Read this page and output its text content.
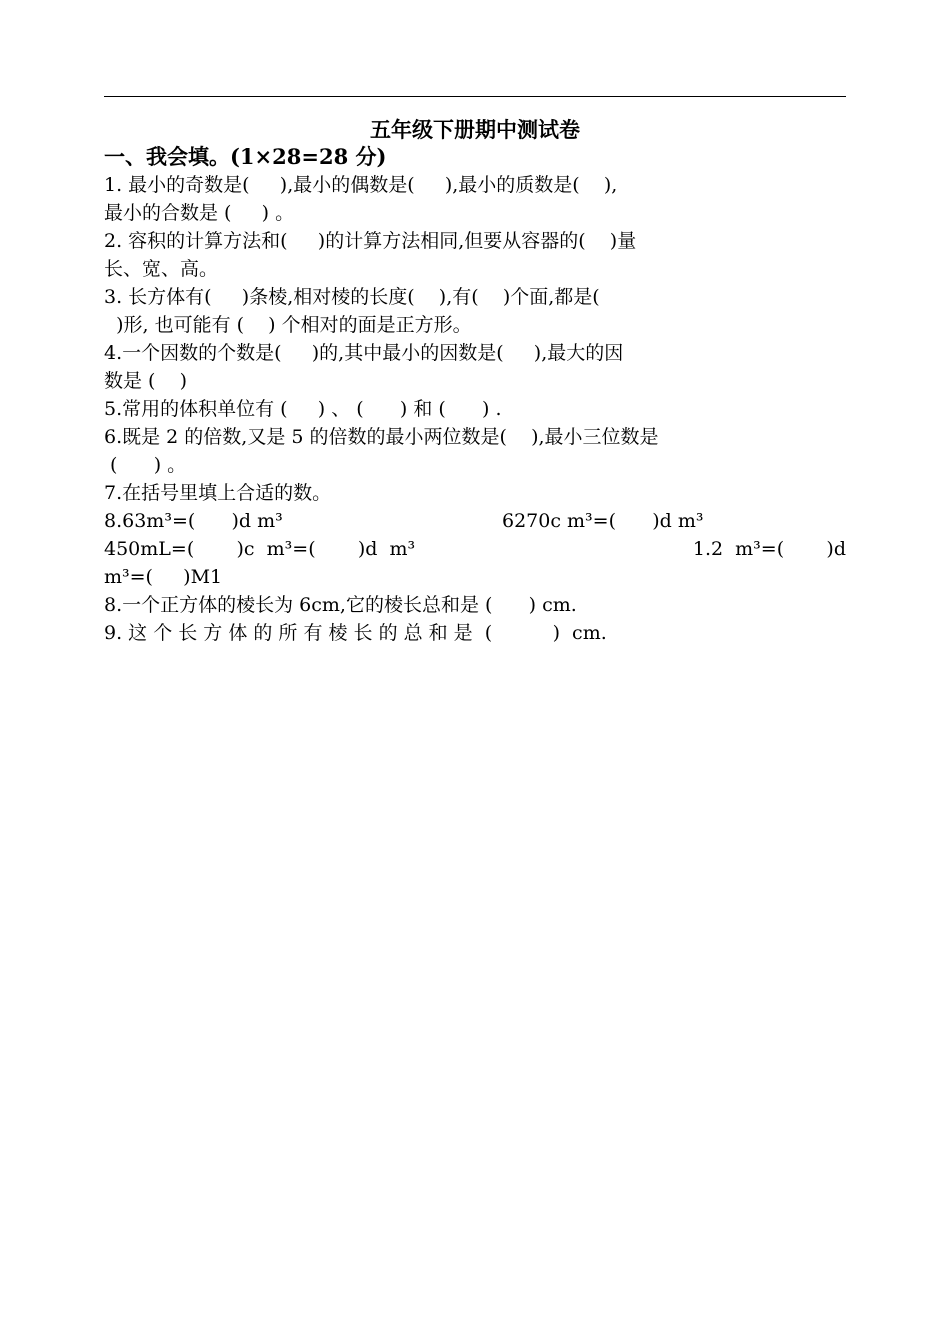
五年级下册期中测试卷
一、我会填。(1×28=28 分)
1. 最小的奇数是(     ),最小的偶数是(     ),最小的质数是(    ),
最小的合数是 (     ) 。
2. 容积的计算方法和(     )的计算方法相同,但要从容器的(    )量
长、宽、高。
3. 长方体有(     )条棱,相对棱的长度(    ),有(    )个面,都是(
)形, 也可能有 (    ) 个相对的面是正方形。
4.一个因数的个数是(     )的,其中最小的因数是(     ),最大的因
数是 (    )
5.常用的体积单位有 (     ) 、 (      ) 和 (      ) .
6.既是 2 的倍数,又是 5 的倍数的最小两位数是(    ),最小三位数是
(      ) 。
7.在括号里填上合适的数。
8.63m³=(      )d m³	6270c m³=(      )d m³
450mL=(       )c  m³=(       )d  m³	1.2  m³=(       )d
m³=(     )M1
8.一个正方体的棱长为 6cm,它的棱长总和是 (      ) cm.
9. 这 个 长 方 体 的 所 有 棱 长 的 总 和 是  (          )  cm.
